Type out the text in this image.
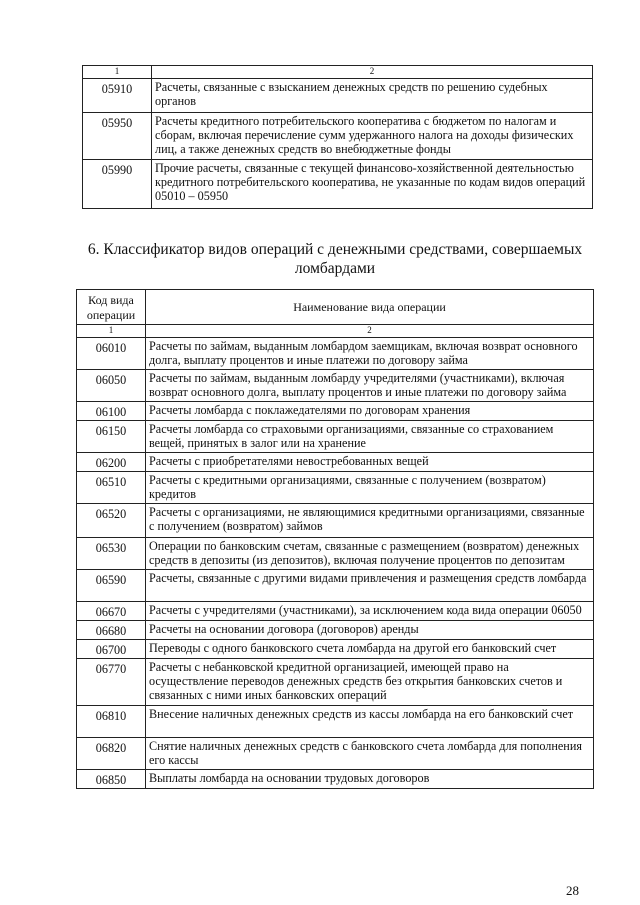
1	2
05910	Расчеты, связанные с взысканием денежных средств по решению судебных органов
05950	Расчеты кредитного потребительского кооператива с бюджетом по налогам и сборам, включая перечисление сумм удержанного налога на доходы физических лиц, а также денежных средств во внебюджетные фонды
05990	Прочие расчеты, связанные с текущей финансово-хозяйственной деятельностью кредитного потребительского кооператива, не указанные по кодам видов операций 05010 – 05950
6. Классификатор видов операций с денежными средствами, совершаемых ломбардами
Код вида операции	Наименование вида операции
1	2
06010	Расчеты по займам, выданным ломбардом заемщикам, включая возврат основного долга, выплату процентов и иные платежи по договору займа
06050	Расчеты по займам, выданным ломбарду учредителями (участниками), включая возврат основного долга, выплату процентов и иные платежи по договору займа
06100	Расчеты ломбарда с поклажедателями по договорам хранения
06150	Расчеты ломбарда со страховыми организациями, связанные со страхованием вещей, принятых в залог или на хранение
06200	Расчеты с приобретателями невостребованных вещей
06510	Расчеты с кредитными организациями, связанные с получением (возвратом) кредитов
06520	Расчеты с организациями, не являющимися кредитными организациями, связанные с получением (возвратом) займов
06530	Операции по банковским счетам, связанные с размещением (возвратом) денежных средств в депозиты (из депозитов), включая получение процентов по депозитам
06590	Расчеты, связанные с другими видами привлечения и размещения средств ломбарда
06670	Расчеты с учредителями (участниками), за исключением кода вида операции 06050
06680	Расчеты на основании договора (договоров) аренды
06700	Переводы с одного банковского счета ломбарда на другой его банковский счет
06770	Расчеты с небанковской кредитной организацией, имеющей право на осуществление переводов денежных средств без открытия банковских счетов и связанных с ними иных банковских операций
06810	Внесение наличных денежных средств из кассы ломбарда на его банковский счет
06820	Снятие наличных денежных средств с банковского счета ломбарда для пополнения его кассы
06850	Выплаты ломбарда на основании трудовых договоров
28
